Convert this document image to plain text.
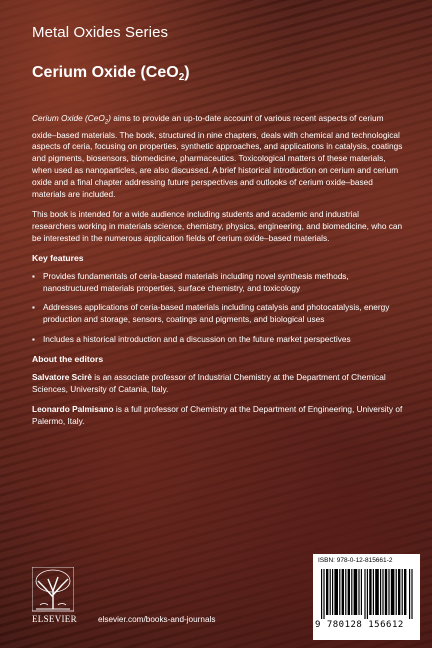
Metal Oxides Series
Cerium Oxide (CeO$_2$)

Cerium Oxide (CeO$_2$) aims to provide an up-to-date account of various recent aspects of cerium oxide–based materials. The book, structured in nine chapters, deals with chemical and technological aspects of ceria, focusing on properties, synthetic approaches, and applications in catalysis, coatings and pigments, biosensors, biomedicine, pharmaceutics. Toxicological matters of these materials, when used as nanoparticles, are also discussed. A brief historical introduction on cerium and cerium oxide and a final chapter addressing future perspectives and outlooks of cerium oxide–based materials are included.

This book is intended for a wide audience including students and academic and industrial researchers working in materials science, chemistry, physics, engineering, and biomedicine, who can be interested in the numerous application fields of cerium oxide–based materials.

Key features
▪ Provides fundamentals of ceria-based materials including novel synthesis methods, nanostructured materials properties, surface chemistry, and toxicology
▪ Addresses applications of ceria-based materials including catalysis and photocatalysis, energy production and storage, sensors, coatings and pigments, and biological uses
▪ Includes a historical introduction and a discussion on the future market perspectives
About the editors

Salvatore Scirè is an associate professor of Industrial Chemistry at the Department of Chemical Sciences, University of Catania, Italy.

Leonardo Palmisano is a full professor of Chemistry at the Department of Engineering, University of Palermo, Italy.

ELSEVIER	elsevier.com/books-and-journals
ISBN: 978-0-12-815661-2
9 780128 156612
